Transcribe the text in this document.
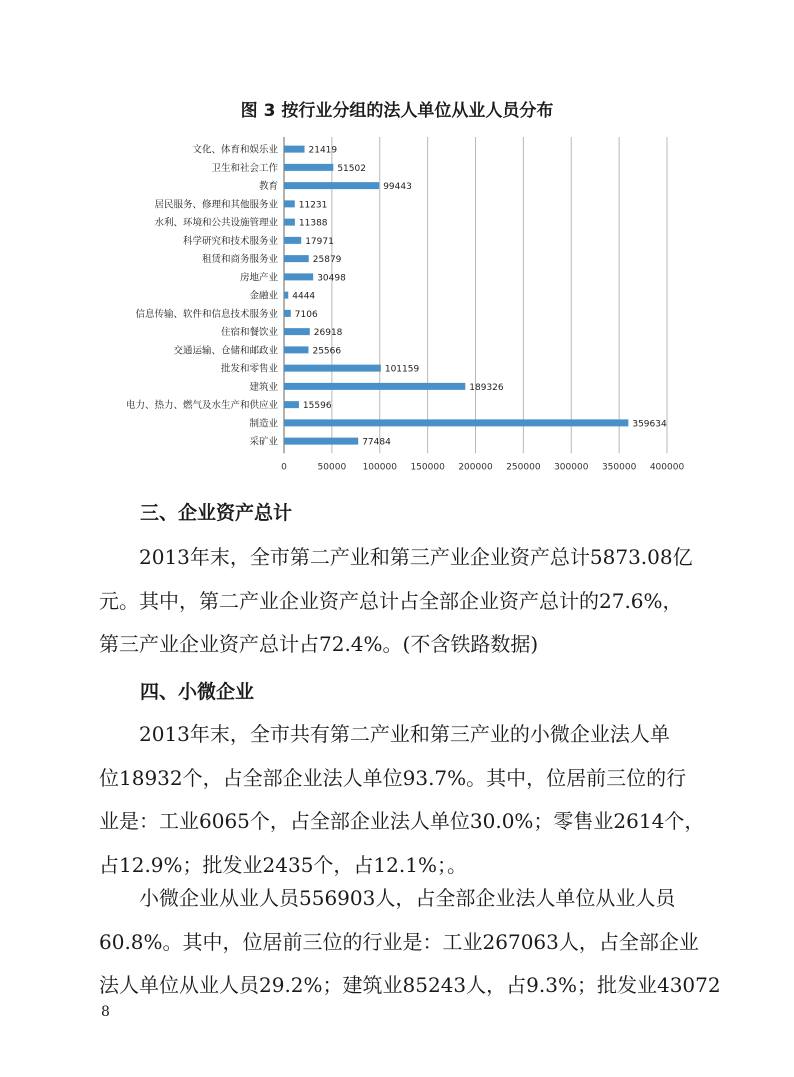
图 3 按行业分组的法人单位从业人员分布
0	50000 100000 150000 200000 250000 300000 350000 400000
文化、体育和娱乐业	21419
卫生和社会工作	51502
教育	99443
居民服务、修理和其他服务业 11231
水利、环境和公共设施管理业 11388
科学研究和技术服务业	17971
租赁和商务服务业	25879
房地产业	30498
金融业 4444
信息传输、软件和信息技术服务业 7106
住宿和餐饮业	26918
交通运输、仓储和邮政业	25566
批发和零售业	101159
建筑业	189326
电力、热力、燃气及水生产和供应业	15596
制造业	359634
采矿业	77484
三、企业资产总计
　　2013年末，全市第二产业和第三产业企业资产总计5873.08亿
元。其中，第二产业企业资产总计占全部企业资产总计的27.6%，
第三产业企业资产总计占72.4%。(不含铁路数据)
四、小微企业
　　2013年末，全市共有第二产业和第三产业的小微企业法人单
位18932个，占全部企业法人单位93.7%。其中，位居前三位的行
业是：工业6065个，占全部企业法人单位30.0%；零售业2614个，
占12.9%；批发业2435个，占12.1%；。
　　小微企业从业人员556903人，占全部企业法人单位从业人员
60.8%。其中，位居前三位的行业是：工业267063人，占全部企业
法人单位从业人员29.2%；建筑业85243人，占9.3%；批发业43072
8
